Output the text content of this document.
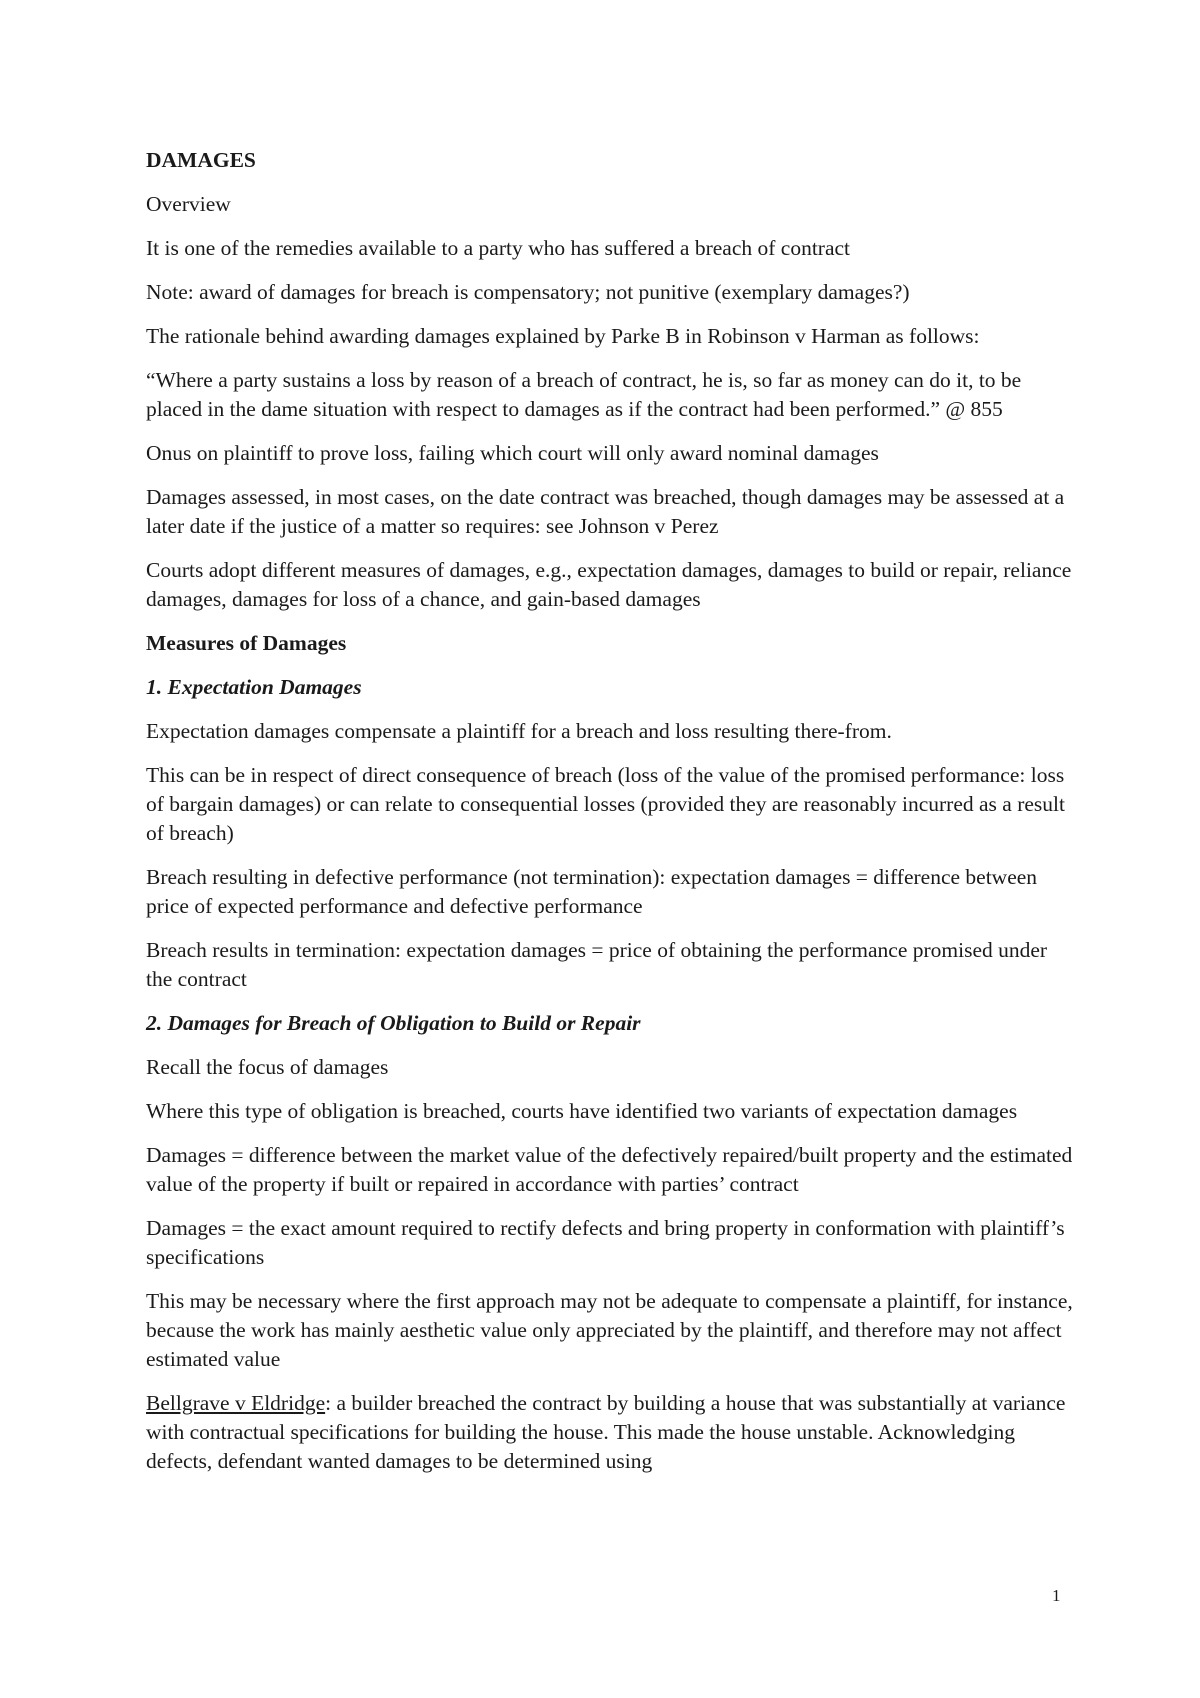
DAMAGES

Overview

It is one of the remedies available to a party who has suffered a breach of contract

Note: award of damages for breach is compensatory; not punitive (exemplary damages?)

The rationale behind awarding damages explained by Parke B in Robinson v Harman as follows:

“Where a party sustains a loss by reason of a breach of contract, he is, so far as money can do it, to be placed in the dame situation with respect to damages as if the contract had been performed.” @ 855

Onus on plaintiff to prove loss, failing which court will only award nominal damages

Damages assessed, in most cases, on the date contract was breached, though damages may be assessed at a later date if the justice of a matter so requires: see Johnson v Perez

Courts adopt different measures of damages, e.g., expectation damages, damages to build or repair, reliance damages, damages for loss of a chance, and gain-based damages

Measures of Damages

1. Expectation Damages

Expectation damages compensate a plaintiff for a breach and loss resulting there-from.

This can be in respect of direct consequence of breach (loss of the value of the promised performance: loss of bargain damages) or can relate to consequential losses (provided they are reasonably incurred as a result of breach)

Breach resulting in defective performance (not termination): expectation damages = difference between price of expected performance and defective performance

Breach results in termination: expectation damages = price of obtaining the performance promised under the contract

2. Damages for Breach of Obligation to Build or Repair

Recall the focus of damages

Where this type of obligation is breached, courts have identified two variants of expectation damages

Damages = difference between the market value of the defectively repaired/built property and the estimated value of the property if built or repaired in accordance with parties’ contract

Damages = the exact amount required to rectify defects and bring property in conformation with plaintiff’s specifications

This may be necessary where the first approach may not be adequate to compensate a plaintiff, for instance, because the work has mainly aesthetic value only appreciated by the plaintiff, and therefore may not affect estimated value

Bellgrave v Eldridge: a builder breached the contract by building a house that was substantially at variance with contractual specifications for building the house. This made the house unstable. Acknowledging defects, defendant wanted damages to be determined using

1
